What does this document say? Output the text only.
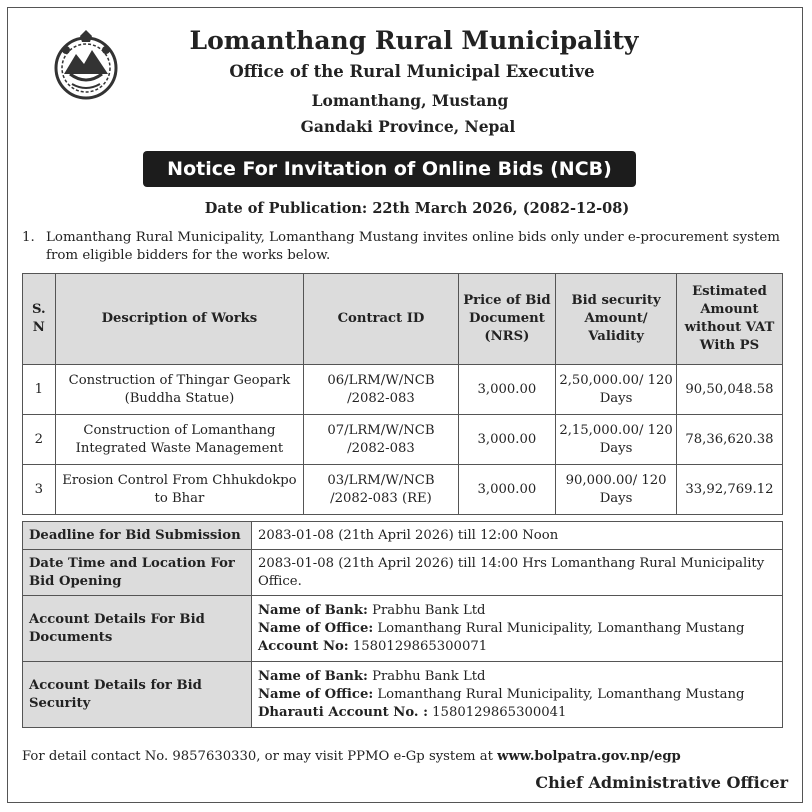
Lomanthang Rural Municipality
Office of the Rural Municipal Executive
Lomanthang, Mustang
Gandaki Province, Nepal
Notice For Invitation of Online Bids (NCB)
Date of Publication: 22th March 2026, (2082-12-08)
1. Lomanthang Rural Municipality, Lomanthang Mustang invites online bids only under e-procurement system from eligible bidders for the works below.
S.
N	Description of Works	Contract ID	Price of Bid Document (NRS)	Bid security Amount/ Validity	Estimated Amount without VAT With PS
1	Construction of Thingar Geopark (Buddha Statue)	06/LRM/W/NCB /2082-083	3,000.00	2,50,000.00/ 120 Days	90,50,048.58
2	Construction of Lomanthang Integrated Waste Management	07/LRM/W/NCB /2082-083	3,000.00	2,15,000.00/ 120 Days	78,36,620.38
3	Erosion Control From Chhukdokpo to Bhar	03/LRM/W/NCB /2082-083 (RE)	3,000.00	90,000.00/ 120 Days	33,92,769.12
Deadline for Bid Submission	2083-01-08 (21th April 2026) till 12:00 Noon
Date Time and Location For Bid Opening	2083-01-08 (21th April 2026) till 14:00 Hrs Lomanthang Rural Municipality Office.
Account Details For Bid Documents	Name of Bank: Prabhu Bank Ltd
Name of Office: Lomanthang Rural Municipality, Lomanthang Mustang
Account No: 1580129865300071

Account Details for Bid Security	Name of Bank: Prabhu Bank Ltd
Name of Office: Lomanthang Rural Municipality, Lomanthang Mustang
Dharauti Account No. : 1580129865300041
For detail contact No. 9857630330, or may visit PPMO e-Gp system at www.bolpatra.gov.np/egp
Chief Administrative Officer
